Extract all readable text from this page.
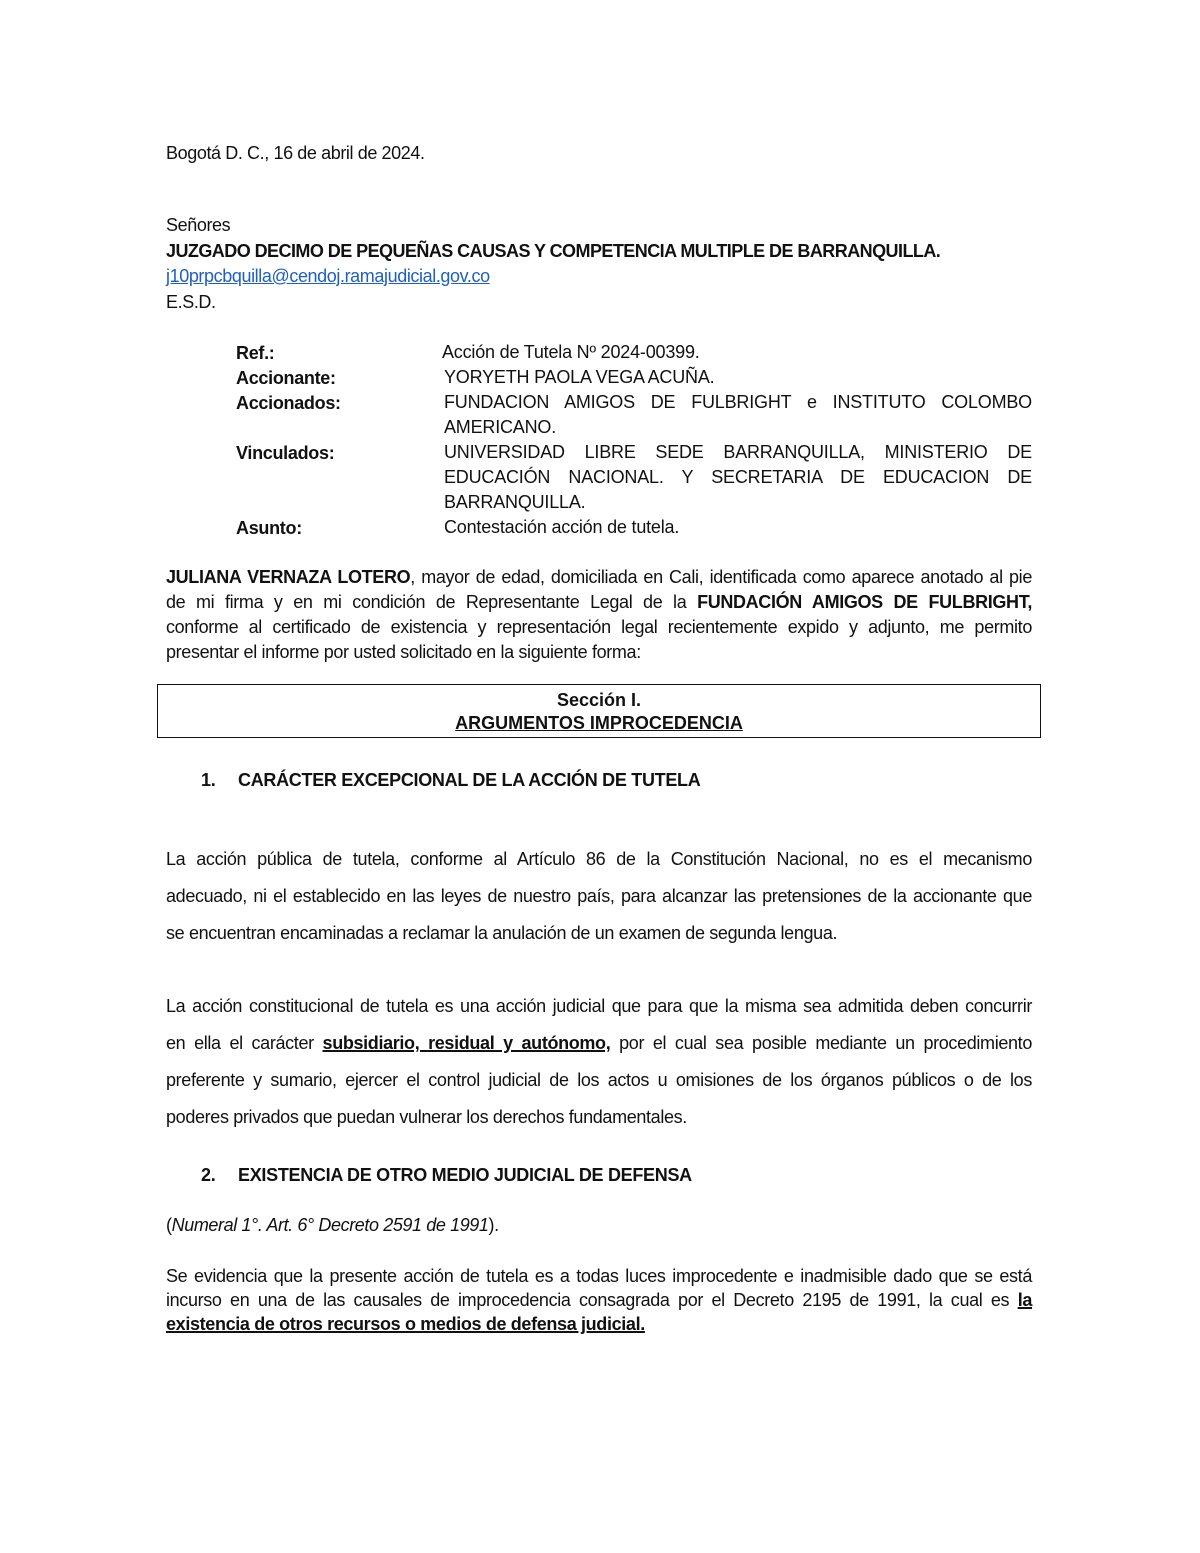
Bogotá D. C., 16 de abril de 2024.
Señores
JUZGADO DECIMO DE PEQUEÑAS CAUSAS Y COMPETENCIA MULTIPLE DE BARRANQUILLA.
j10prpcbquilla@cendoj.ramajudicial.gov.co
E.S.D.
Ref.:	Acción de Tutela Nº 2024-00399.
Accionante:	YORYETH PAOLA VEGA ACUÑA.
Accionados:	FUNDACION AMIGOS DE FULBRIGHT e INSTITUTO COLOMBO
AMERICANO.
Vinculados:	UNIVERSIDAD LIBRE SEDE BARRANQUILLA, MINISTERIO DE
EDUCACIÓN NACIONAL. Y SECRETARIA DE EDUCACION DE
BARRANQUILLA.
Asunto:	Contestación acción de tutela.
JULIANA VERNAZA LOTERO, mayor de edad, domiciliada en Cali, identificada como aparece anotado al pie
de mi firma y en mi condición de Representante Legal de la FUNDACIÓN AMIGOS DE FULBRIGHT,
conforme al certificado de existencia y representación legal recientemente expido y adjunto, me permito
presentar el informe por usted solicitado en la siguiente forma:
Sección I.
ARGUMENTOS IMPROCEDENCIA
1. CARÁCTER EXCEPCIONAL DE LA ACCIÓN DE TUTELA
La acción pública de tutela, conforme al Artículo 86 de la Constitución Nacional, no es el mecanismo
adecuado, ni el establecido en las leyes de nuestro país, para alcanzar las pretensiones de la accionante que
se encuentran encaminadas a reclamar la anulación de un examen de segunda lengua.
La acción constitucional de tutela es una acción judicial que para que la misma sea admitida deben concurrir
en ella el carácter subsidiario, residual y autónomo, por el cual sea posible mediante un procedimiento
preferente y sumario, ejercer el control judicial de los actos u omisiones de los órganos públicos o de los
poderes privados que puedan vulnerar los derechos fundamentales.
2. EXISTENCIA DE OTRO MEDIO JUDICIAL DE DEFENSA
(Numeral 1°. Art. 6° Decreto 2591 de 1991).
Se evidencia que la presente acción de tutela es a todas luces improcedente e inadmisible dado que se está
incurso en una de las causales de improcedencia consagrada por el Decreto 2195 de 1991, la cual es la
existencia de otros recursos o medios de defensa judicial.
